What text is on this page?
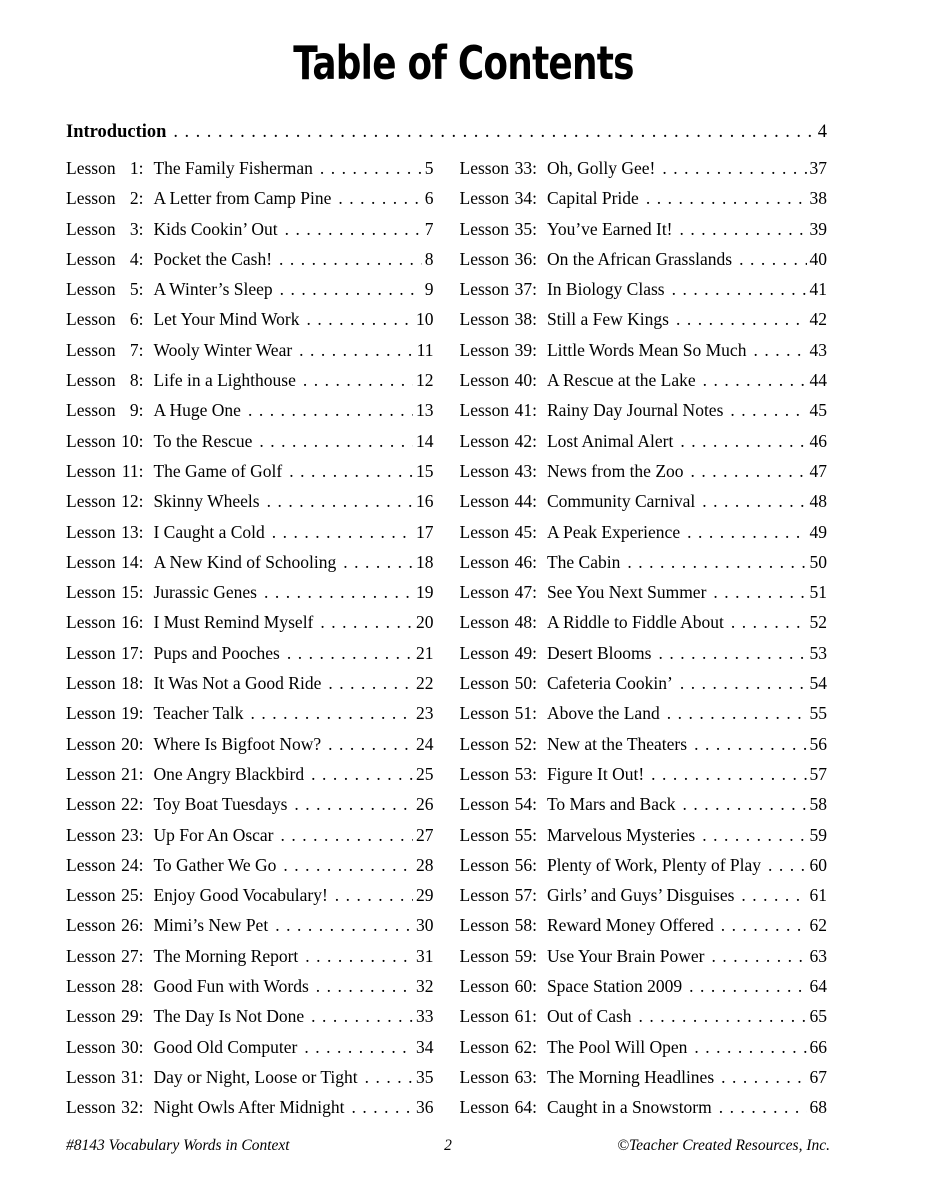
Table of Contents
Introduction .....	4
Lesson 1: The Family Fisherman .....	5
Lesson 2: A Letter from Camp Pine .....	6
Lesson 3: Kids Cookin’ Out .....	7
Lesson 4: Pocket the Cash! .....	8
Lesson 5: A Winter’s Sleep .....	9
Lesson 6: Let Your Mind Work .....	10
Lesson 7: Wooly Winter Wear .....	11
Lesson 8: Life in a Lighthouse .....	12
Lesson 9: A Huge One .....	13
Lesson 10: To the Rescue .....	14
Lesson 11: The Game of Golf .....	15
Lesson 12: Skinny Wheels .....	16
Lesson 13: I Caught a Cold .....	17
Lesson 14: A New Kind of Schooling .....	18
Lesson 15: Jurassic Genes .....	19
Lesson 16: I Must Remind Myself .....	20
Lesson 17: Pups and Pooches .....	21
Lesson 18: It Was Not a Good Ride .....	22
Lesson 19: Teacher Talk .....	23
Lesson 20: Where Is Bigfoot Now? .....	24
Lesson 21: One Angry Blackbird .....	25
Lesson 22: Toy Boat Tuesdays .....	26
Lesson 23: Up For An Oscar .....	27
Lesson 24: To Gather We Go .....	28
Lesson 25: Enjoy Good Vocabulary! .....	29
Lesson 26: Mimi’s New Pet .....	30
Lesson 27: The Morning Report .....	31
Lesson 28: Good Fun with Words .....	32
Lesson 29: The Day Is Not Done .....	33
Lesson 30: Good Old Computer .....	34
Lesson 31: Day or Night, Loose or Tight .....	35
Lesson 32: Night Owls After Midnight .....	36
Lesson 33: Oh, Golly Gee! .....	37
Lesson 34: Capital Pride .....	38
Lesson 35: You’ve Earned It! .....	39
Lesson 36: On the African Grasslands .....	40
Lesson 37: In Biology Class .....	41
Lesson 38: Still a Few Kings .....	42
Lesson 39: Little Words Mean So Much .....	43
Lesson 40: A Rescue at the Lake .....	44
Lesson 41: Rainy Day Journal Notes .....	45
Lesson 42: Lost Animal Alert .....	46
Lesson 43: News from the Zoo .....	47
Lesson 44: Community Carnival .....	48
Lesson 45: A Peak Experience .....	49
Lesson 46: The Cabin .....	50
Lesson 47: See You Next Summer .....	51
Lesson 48: A Riddle to Fiddle About .....	52
Lesson 49: Desert Blooms .....	53
Lesson 50: Cafeteria Cookin’ .....	54
Lesson 51: Above the Land .....	55
Lesson 52: New at the Theaters .....	56
Lesson 53: Figure It Out! .....	57
Lesson 54: To Mars and Back .....	58
Lesson 55: Marvelous Mysteries .....	59
Lesson 56: Plenty of Work, Plenty of Play .....	60
Lesson 57: Girls’ and Guys’ Disguises .....	61
Lesson 58: Reward Money Offered .....	62
Lesson 59: Use Your Brain Power .....	63
Lesson 60: Space Station 2009 .....	64
Lesson 61: Out of Cash .....	65
Lesson 62: The Pool Will Open .....	66
Lesson 63: The Morning Headlines .....	67
Lesson 64: Caught in a Snowstorm .....	68
#8143 Vocabulary Words in Context	2	©Teacher Created Resources, Inc.
